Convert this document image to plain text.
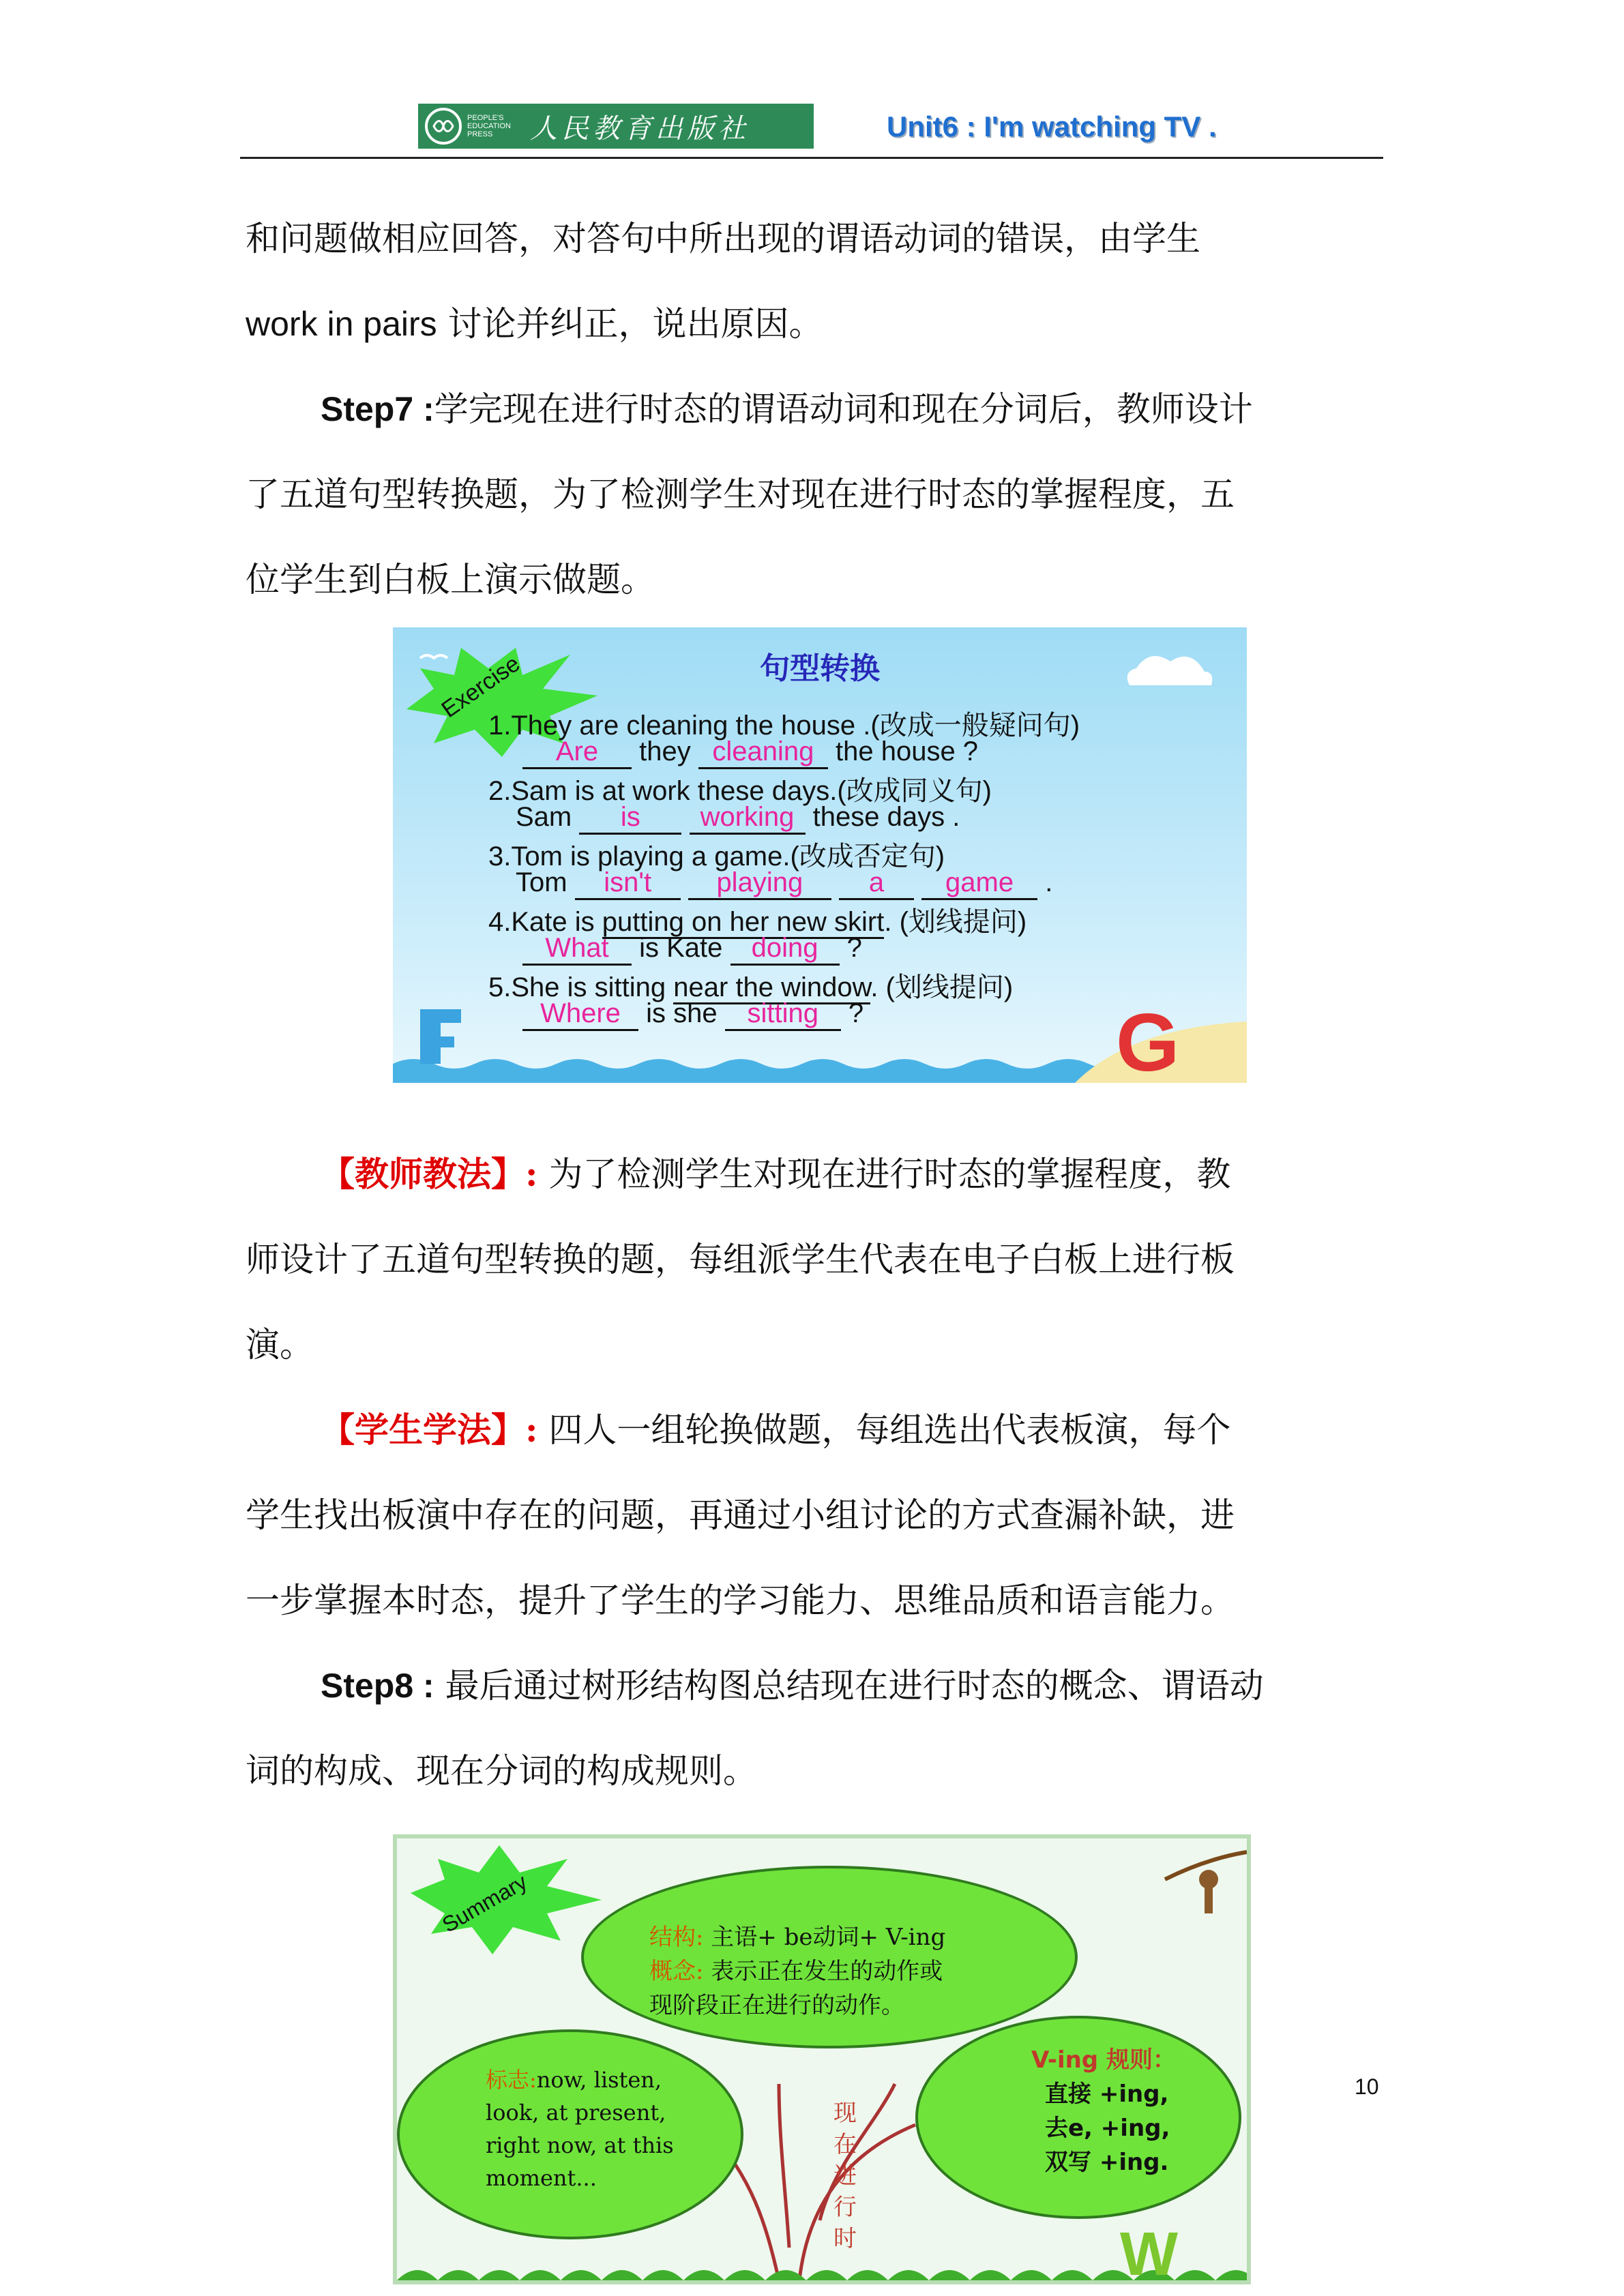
PEOPLE'S EDUCATION PRESS	人民教育出版社	Unit6 : I'm watching TV .
和问题做相应回答，对答句中所出现的谓语动词的错误，由学生
work in pairs 讨论并纠正，说出原因。
Step7 :学完现在进行时态的谓语动词和现在分词后，教师设计
了五道句型转换题，为了检测学生对现在进行时态的掌握程度，五
位学生到白板上演示做题。
G
Exercise	句型转换
1.They are cleaning the house .(改成一般疑问句)
Are they cleaning the house ?
2.Sam is at work these days.(改成同义句)
Sam is working these days .
3.Tom is playing a game.(改成否定句)
Tom isn't playing a game .
4.Kate is putting on her new skirt. (划线提问)
What is Kate doing ?
5.She is sitting near the window. (划线提问)
Where is she sitting ?
【教师教法】: 为了检测学生对现在进行时态的掌握程度，教
师设计了五道句型转换的题，每组派学生代表在电子白板上进行板
演。
【学生学法】: 四人一组轮换做题，每组选出代表板演，每个
学生找出板演中存在的问题，再通过小组讨论的方式查漏补缺，进
一步掌握本时态，提升了学生的学习能力、思维品质和语言能力。
Step8 : 最后通过树形结构图总结现在进行时态的概念、谓语动
词的构成、现在分词的构成规则。
10
W
Summary
结构: 主语+ be动词+ V-ing
概念: 表示正在发生的动作或
现阶段正在进行的动作。
标志:now, listen,
look, at present,
right now, at this
moment...
现
在
进
行
时
V-ing 规则：
直接 +ing,
去e, +ing,
双写 +ing.
